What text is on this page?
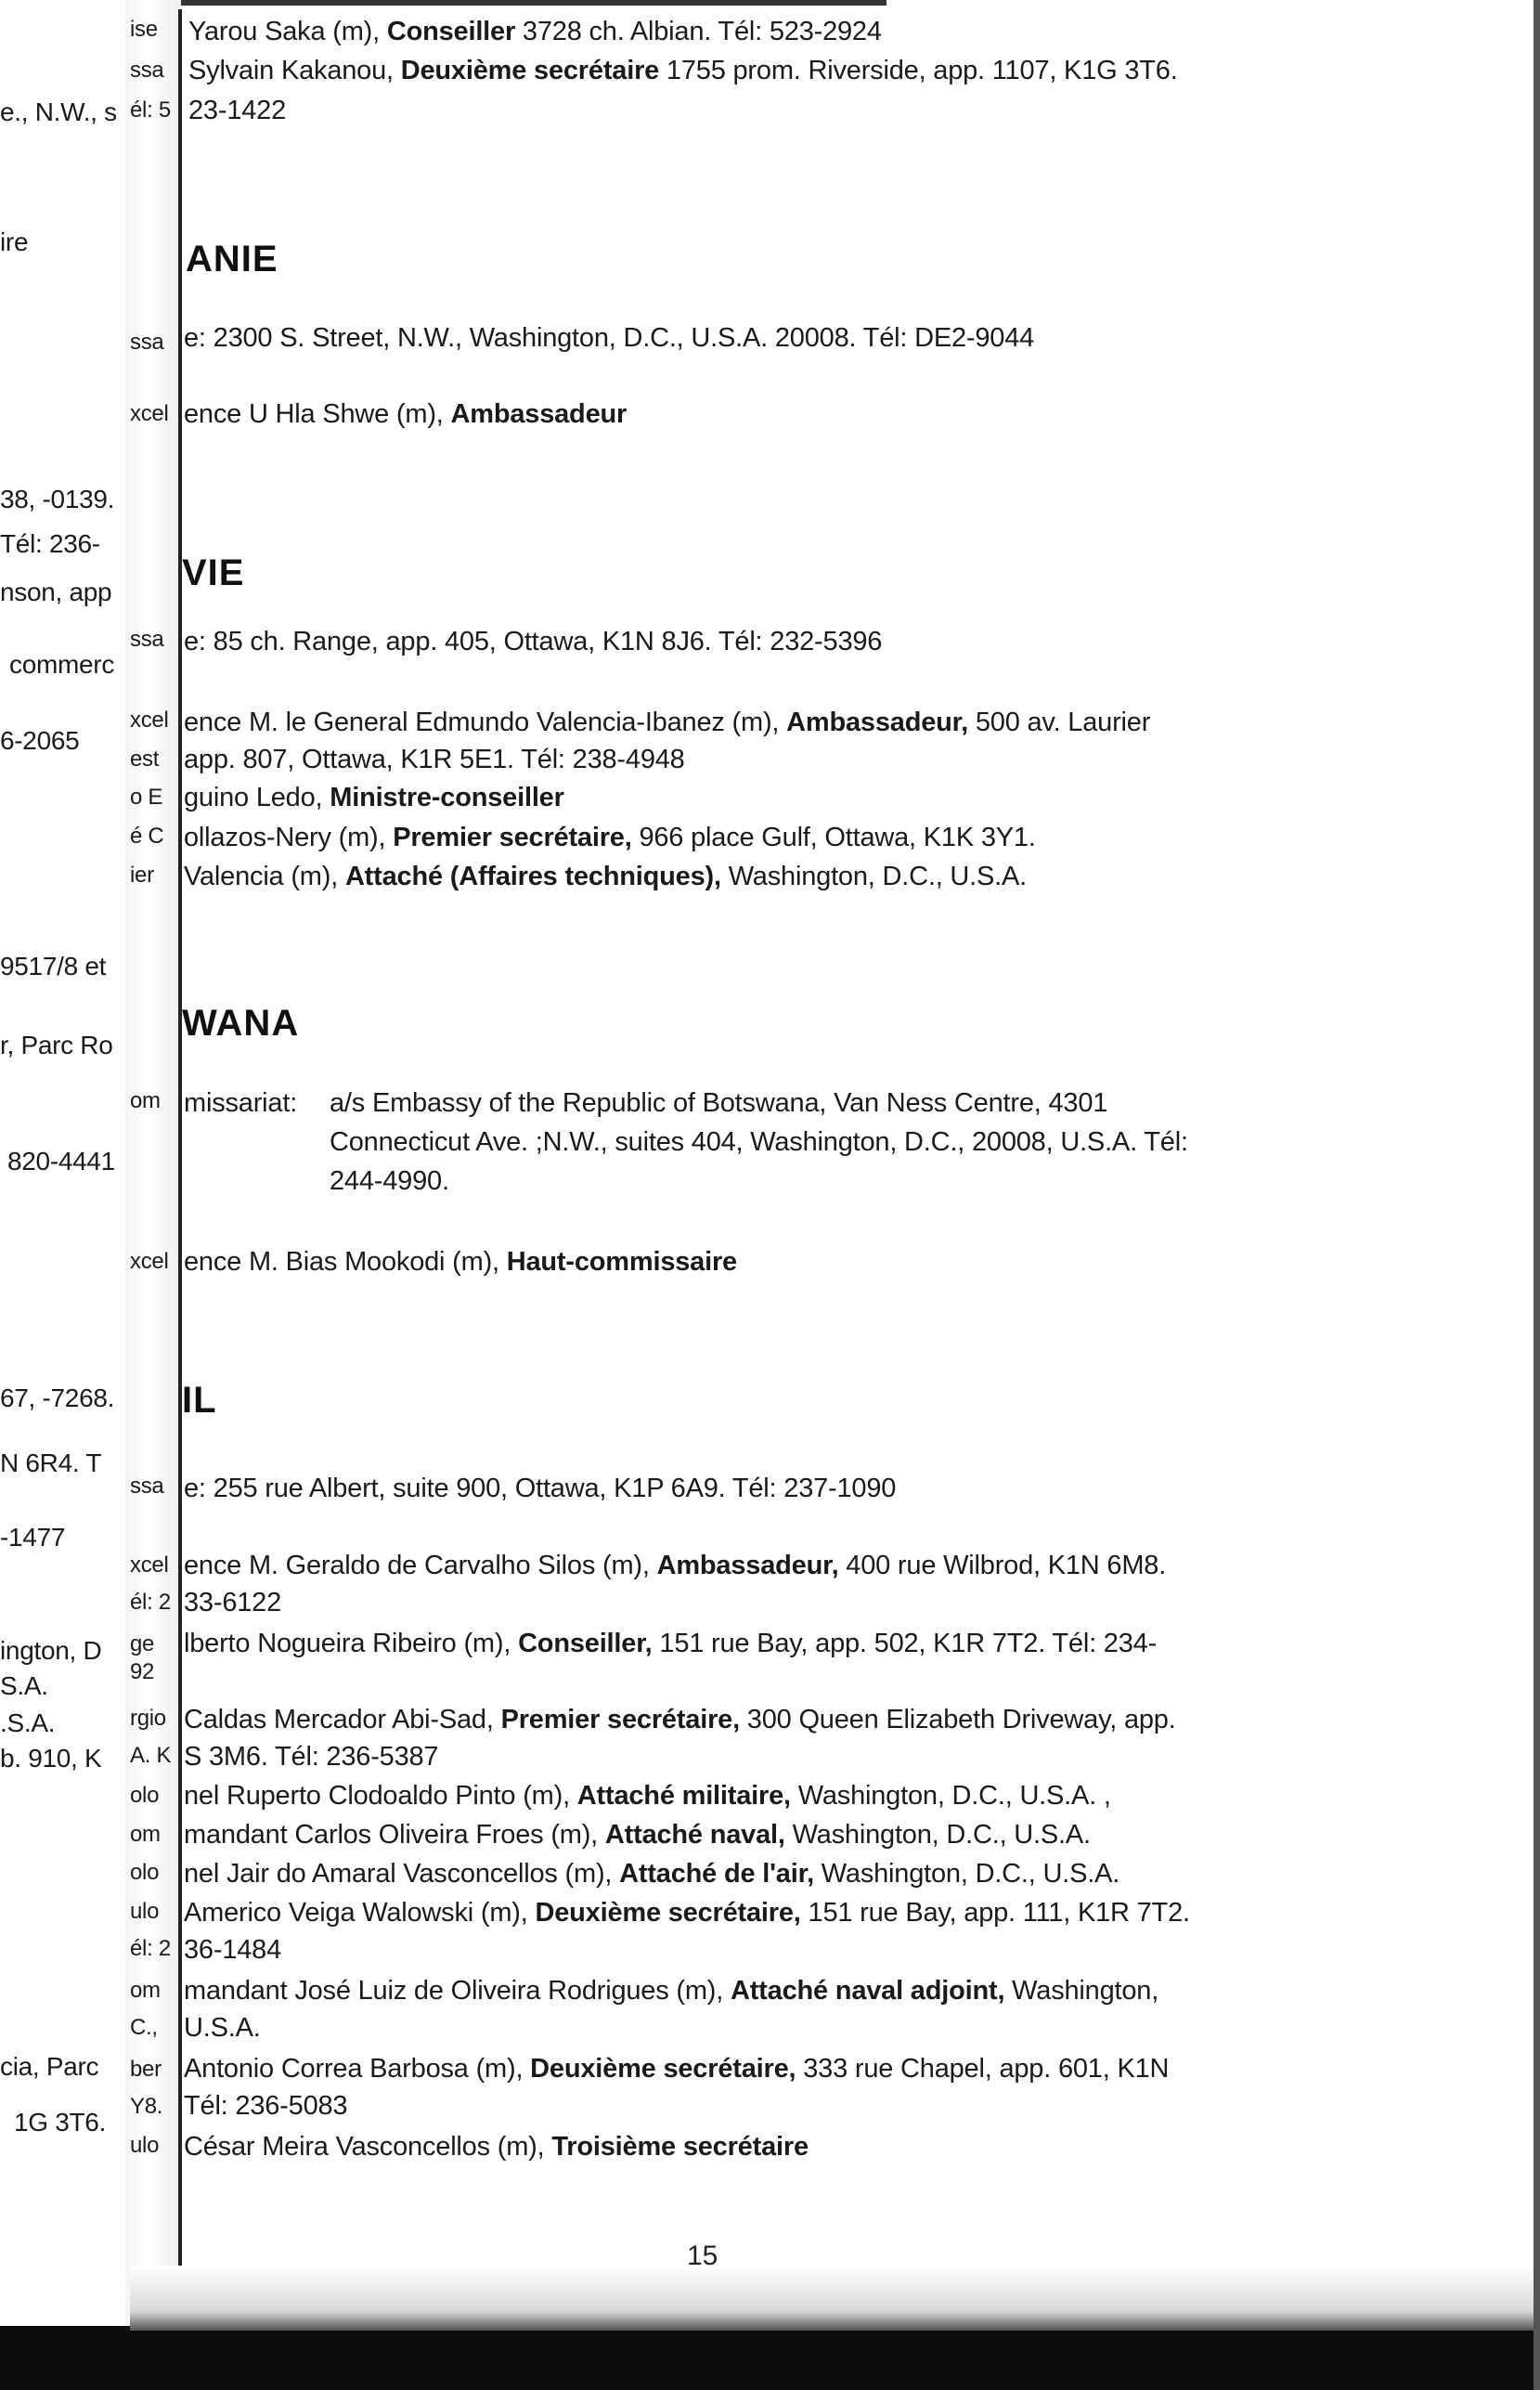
e., N.W., s
ire
38, -0139.
Tél: 236-
nson, app
commerc
6-2065
9517/8 et
r, Parc Ro
820-4441
67, -7268.
N 6R4. T
-1477
ington, D
S.A.
.S.A.
b. 910, K
cia, Parc
1G 3T6.
ise
ssa
él: 5
ssa
xcel
ssa
xcel
est
o E
é C
ier
om
xcel
ssa
xcel
él: 2
ge
92
rgio
A. K
olo
om
olo
ulo
él: 2
om
C.,
ber
Y8.
ulo
Yarou Saka (m), Conseiller 3728 ch. Albian. Tél: 523-2924
Sylvain Kakanou, Deuxième secrétaire 1755 prom. Riverside, app. 1107, K1G 3T6.
23-1422
ANIE
e: 2300 S. Street, N.W., Washington, D.C., U.S.A. 20008. Tél: DE2-9044
ence U Hla Shwe (m), Ambassadeur
VIE
e: 85 ch. Range, app. 405, Ottawa, K1N 8J6. Tél: 232-5396
ence M. le General Edmundo Valencia-Ibanez (m), Ambassadeur, 500 av. Laurier
app. 807, Ottawa, K1R 5E1. Tél: 238-4948
guino Ledo, Ministre-conseiller
ollazos-Nery (m), Premier secrétaire, 966 place Gulf, Ottawa, K1K 3Y1.
Valencia (m), Attaché (Affaires techniques), Washington, D.C., U.S.A.
WANA
missariat: a/s Embassy of the Republic of Botswana, Van Ness Centre, 4301
Connecticut Ave. ;N.W., suites 404, Washington, D.C., 20008, U.S.A. Tél:
244-4990.
ence M. Bias Mookodi (m), Haut-commissaire
IL
e: 255 rue Albert, suite 900, Ottawa, K1P 6A9. Tél: 237-1090
ence M. Geraldo de Carvalho Silos (m), Ambassadeur, 400 rue Wilbrod, K1N 6M8.
33-6122
lberto Nogueira Ribeiro (m), Conseiller, 151 rue Bay, app. 502, K1R 7T2. Tél: 234-
Caldas Mercador Abi-Sad, Premier secrétaire, 300 Queen Elizabeth Driveway, app.
S 3M6. Tél: 236-5387
nel Ruperto Clodoaldo Pinto (m), Attaché militaire, Washington, D.C., U.S.A. ,
mandant Carlos Oliveira Froes (m), Attaché naval, Washington, D.C., U.S.A.
nel Jair do Amaral Vasconcellos (m), Attaché de l'air, Washington, D.C., U.S.A.
Americo Veiga Walowski (m), Deuxième secrétaire, 151 rue Bay, app. 111, K1R 7T2.
36-1484
mandant José Luiz de Oliveira Rodrigues (m), Attaché naval adjoint, Washington,
U.S.A.
Antonio Correa Barbosa (m), Deuxième secrétaire, 333 rue Chapel, app. 601, K1N
Tél: 236-5083
César Meira Vasconcellos (m), Troisième secrétaire
15
